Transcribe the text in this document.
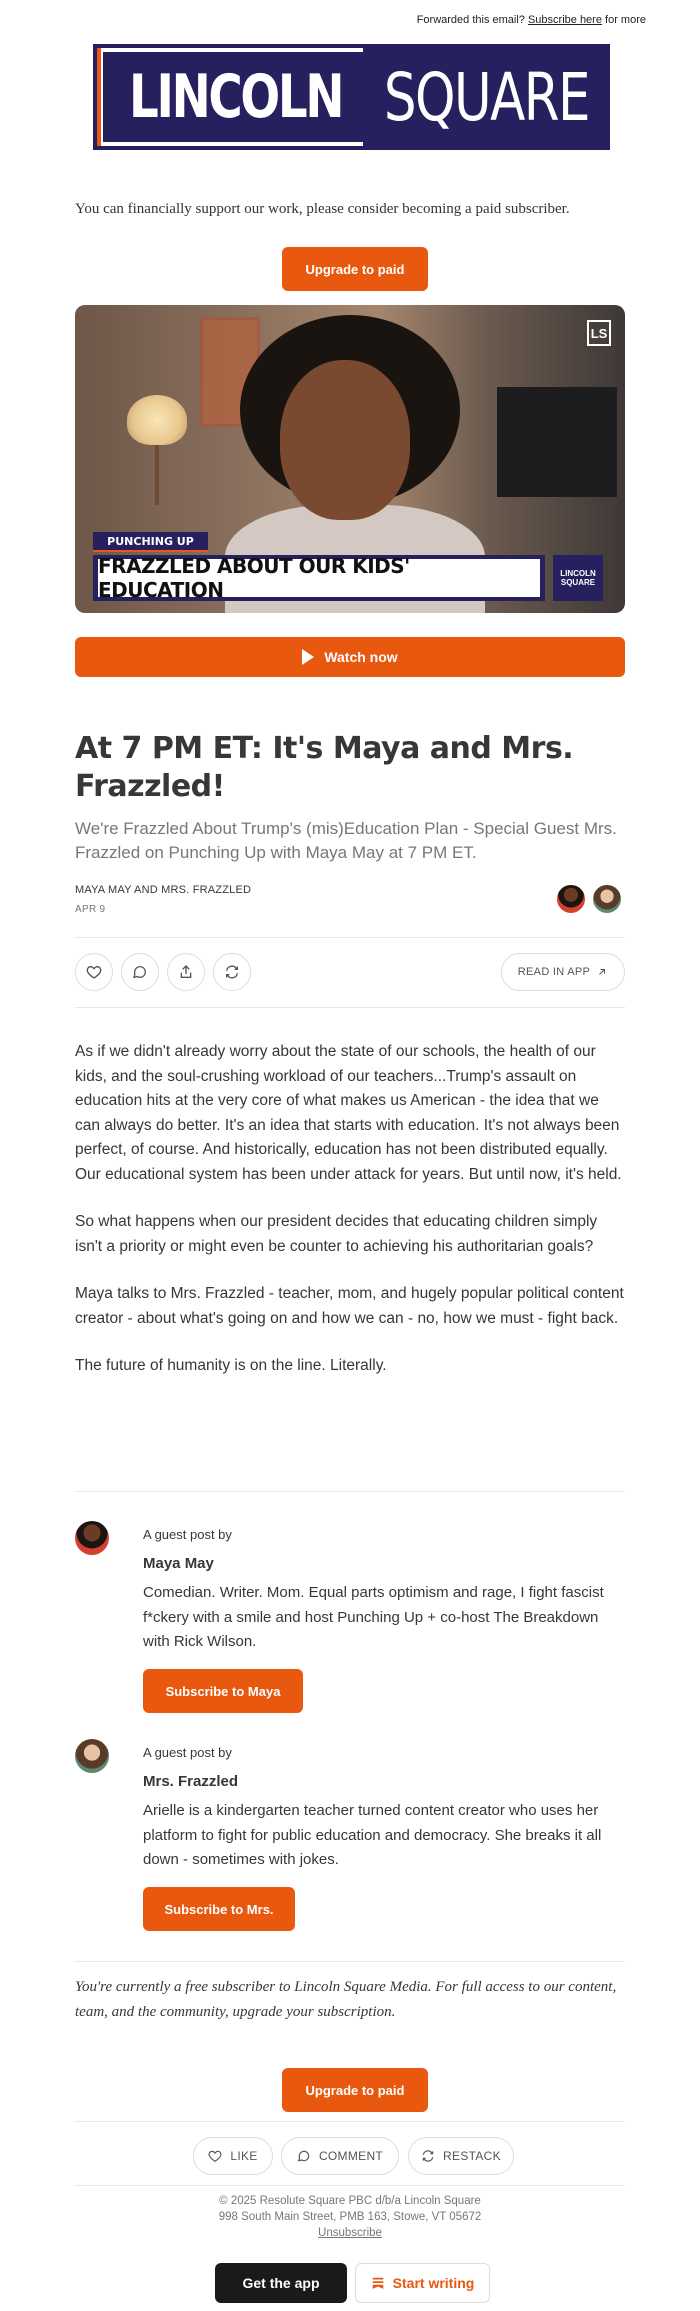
Forwarded this email? Subscribe here for more
LINCOLN SQUARE
You can financially support our work, please consider becoming a paid subscriber.
Upgrade to paid
LS
PUNCHING UP
FRAZZLED ABOUT OUR KIDS' EDUCATION
LINCOLN
SQUARE
Watch now
At 7 PM ET: It's Maya and Mrs. Frazzled!
We're Frazzled About Trump's (mis)Education Plan - Special Guest Mrs. Frazzled on Punching Up with Maya May at 7 PM ET.
MAYA MAY AND MRS. FRAZZLED
APR 9
READ IN APP

As if we didn't already worry about the state of our schools, the health of our kids, and the soul-crushing workload of our teachers...Trump's assault on education hits at the very core of what makes us American - the idea that we can always do better. It's an idea that starts with education. It's not always been perfect, of course. And historically, education has not been distributed equally. Our educational system has been under attack for years. But until now, it's held.

So what happens when our president decides that educating children simply isn't a priority or might even be counter to achieving his authoritarian goals?

Maya talks to Mrs. Frazzled - teacher, mom, and hugely popular political content creator - about what's going on and how we can - no, how we must - fight back.

The future of humanity is on the line. Literally.

A guest post by
Maya May
Comedian. Writer. Mom. Equal parts optimism and rage, I fight fascist f*ckery with a smile and host Punching Up + co-host The Breakdown with Rick Wilson.
Subscribe to Maya
A guest post by
Mrs. Frazzled
Arielle is a kindergarten teacher turned content creator who uses her platform to fight for public education and democracy. She breaks it all down - sometimes with jokes.
Subscribe to Mrs.
You're currently a free subscriber to Lincoln Square Media. For full access to our content, team, and the community, upgrade your subscription.
Upgrade to paid
LIKE	COMMENT	RESTACK
© 2025 Resolute Square PBC d/b/a Lincoln Square
998 South Main Street, PMB 163, Stowe, VT 05672
Unsubscribe
Get the app	Start writing
